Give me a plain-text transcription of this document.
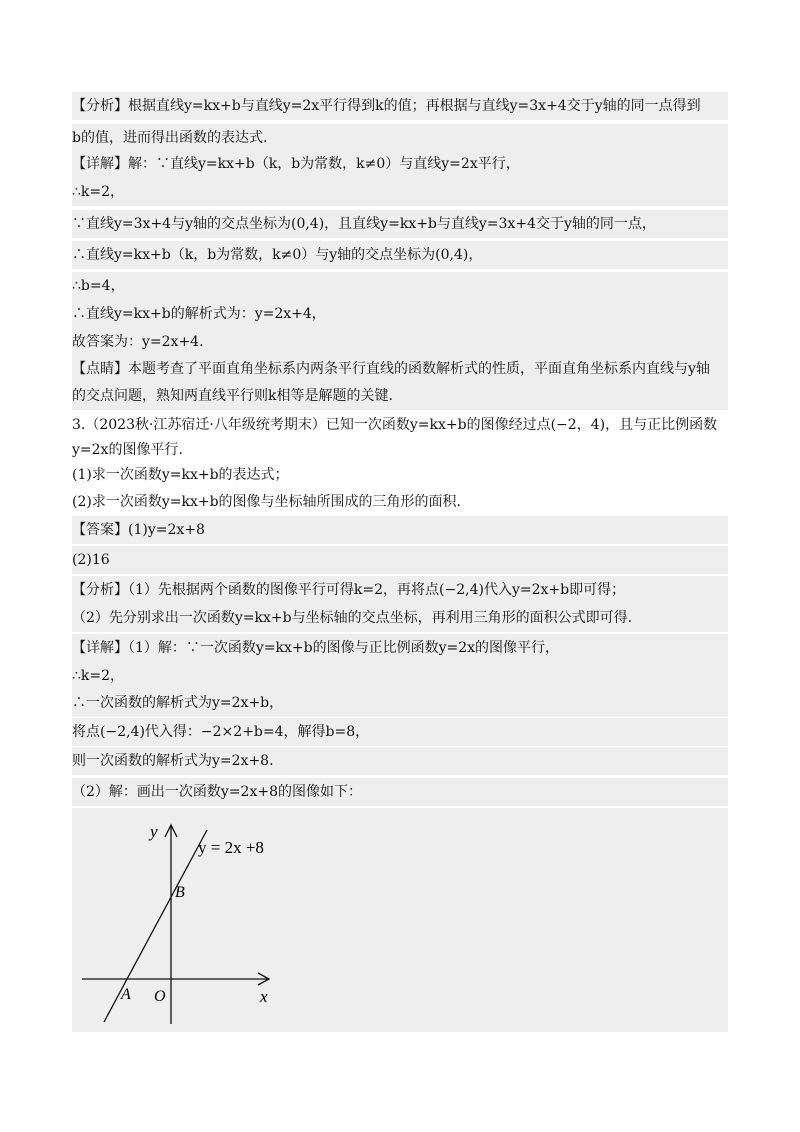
【分析】根据直线y=kx+b与直线y=2x平行得到k的值；再根据与直线y=3x+4交于y轴的同一点得到
b的值，进而得出函数的表达式.
【详解】解：∵直线y=kx+b（k，b为常数，k≠0）与直线y=2x平行，
∴k=2，
∵直线y=3x+4与y轴的交点坐标为(0,4)，且直线y=kx+b与直线y=3x+4交于y轴的同一点，
∴直线y=kx+b（k，b为常数，k≠0）与y轴的交点坐标为(0,4)，
∴b=4，
∴直线y=kx+b的解析式为：y=2x+4，
故答案为：y=2x+4.
【点睛】本题考查了平面直角坐标系内两条平行直线的函数解析式的性质，平面直角坐标系内直线与y轴
的交点问题，熟知两直线平行则k相等是解题的关键.
3.（2023秋·江苏宿迁·八年级统考期末）已知一次函数y=kx+b的图像经过点(−2，4)，且与正比例函数
y=2x的图像平行.
(1)求一次函数y=kx+b的表达式；
(2)求一次函数y=kx+b的图像与坐标轴所围成的三角形的面积.
【答案】(1)y=2x+8
(2)16
【分析】（1）先根据两个函数的图像平行可得k=2，再将点(−2,4)代入y=2x+b即可得；
（2）先分别求出一次函数y=kx+b与坐标轴的交点坐标，再利用三角形的面积公式即可得.
【详解】（1）解：∵一次函数y=kx+b的图像与正比例函数y=2x的图像平行，
∴k=2，
∴一次函数的解析式为y=2x+b，
将点(−2,4)代入得：−2×2+b=4，解得b=8，
则一次函数的解析式为y=2x+8.
（2）解：画出一次函数y=2x+8的图像如下：
y
x
y = 2x +8
B
A O
